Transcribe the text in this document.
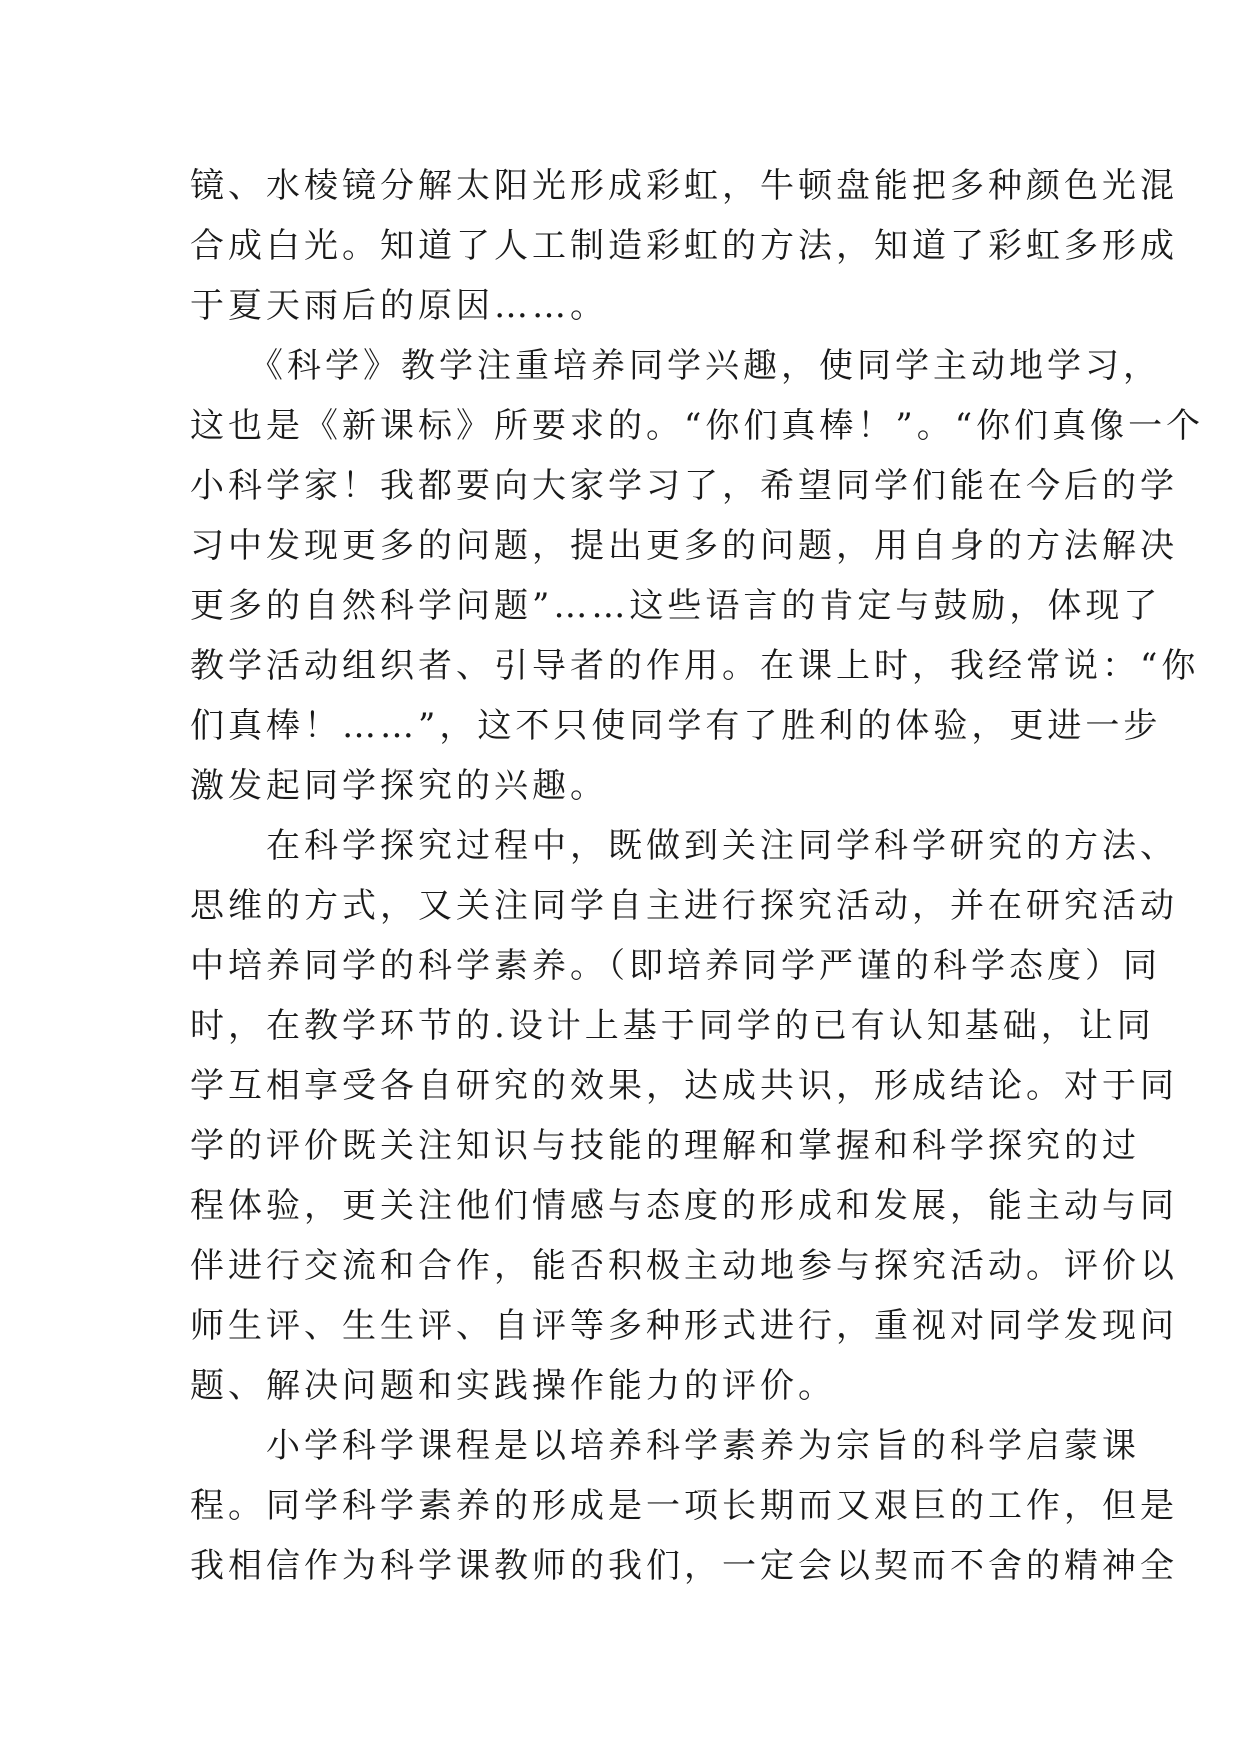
镜、水棱镜分解太阳光形成彩虹，牛顿盘能把多种颜色光混
合成白光。知道了人工制造彩虹的方法，知道了彩虹多形成
于夏天雨后的原因……。
　　《科学》教学注重培养同学兴趣，使同学主动地学习，
这也是《新课标》所要求的。“你们真棒！”。“你们真像一个
小科学家！我都要向大家学习了，希望同学们能在今后的学
习中发现更多的问题，提出更多的问题，用自身的方法解决
更多的自然科学问题”……这些语言的肯定与鼓励，体现了
教学活动组织者、引导者的作用。在课上时，我经常说：“你
们真棒！……”，这不只使同学有了胜利的体验，更进一步
激发起同学探究的兴趣。
　　在科学探究过程中，既做到关注同学科学研究的方法、
思维的方式，又关注同学自主进行探究活动，并在研究活动
中培养同学的科学素养。（即培养同学严谨的科学态度）同
时，在教学环节的.设计上基于同学的已有认知基础，让同
学互相享受各自研究的效果，达成共识，形成结论。对于同
学的评价既关注知识与技能的理解和掌握和科学探究的过
程体验，更关注他们情感与态度的形成和发展，能主动与同
伴进行交流和合作，能否积极主动地参与探究活动。评价以
师生评、生生评、自评等多种形式进行，重视对同学发现问
题、解决问题和实践操作能力的评价。
　　小学科学课程是以培养科学素养为宗旨的科学启蒙课
程。同学科学素养的形成是一项长期而又艰巨的工作，但是
我相信作为科学课教师的我们，一定会以契而不舍的精神全
